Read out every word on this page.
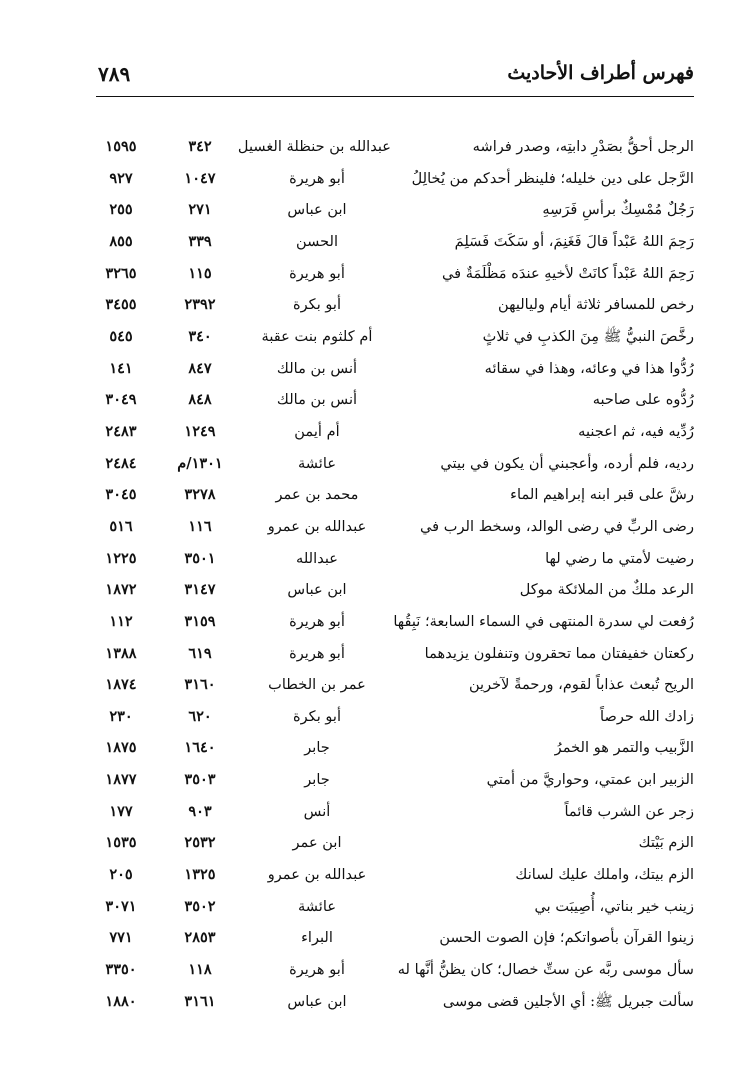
فهرس أطراف الأحاديث
٧٨٩
الرجل أحقُّ بصَدْرِ دابتِه، وصدر فراشه
عبدالله بن حنظلة الغسيل
٣٤٢
١٥٩٥
الرَّجل على دين خليله؛ فلينظر أحدكم من يُخالِلُ
أبو هريرة
١٠٤٧
٩٢٧
رَجُلٌ مُمْسِكٌ برأسِ فَرَسِهِ
ابن عباس
٢٧١
٢٥٥
رَحِمَ اللهُ عَبْداً قالَ فَغَنِمَ، أو سَكَتَ فَسَلِمَ
الحسن
٣٣٩
٨٥٥
رَحِمَ اللهُ عَبْداً كانَتْ لأخيهِ عندَه مَظْلَمَةٌ في
أبو هريرة
١١٥
٣٢٦٥
رخص للمسافر ثلاثة أيام ولياليهن
أبو بكرة
٢٣٩٢
٣٤٥٥
رخَّصَ النبيُّ ﷺ مِنَ الكذبِ في ثلاثٍ
أم كلثوم بنت عقبة
٣٤٠
٥٤٥
رُدُّوا هذا في وعائه، وهذا في سقائه
أنس بن مالك
٨٤٧
١٤١
رُدُّوه على صاحبه
أنس بن مالك
٨٤٨
٣٠٤٩
رُدِّيه فيه، ثم اعجنيه
أم أيمن
١٢٤٩
٢٤٨٣
رديه، فلم أرده، وأعجبني أن يكون في بيتي
عائشة
١٣٠١/م
٢٤٨٤
رشَّ على قبر ابنه إبراهيم الماء
محمد بن عمر
٣٢٧٨
٣٠٤٥
رضى الربِّ في رضى الوالد، وسخط الرب في
عبدالله بن عمرو
١١٦
٥١٦
رضيت لأمتي ما رضي لها
عبدالله
٣٥٠١
١٢٢٥
الرعد ملكٌ من الملائكة موكل
ابن عباس
٣١٤٧
١٨٧٢
رُفعت لي سدرة المنتهى في السماء السابعة؛ نَبِقُها
أبو هريرة
٣١٥٩
١١٢
ركعتان خفيفتان مما تحقرون وتنفلون يزيدهما
أبو هريرة
٦١٩
١٣٨٨
الريح تُبعث عذاباً لقوم، ورحمةً لآخرين
عمر بن الخطاب
٣١٦٠
١٨٧٤
زادك الله حرصاً
أبو بكرة
٦٢٠
٢٣٠
الزَّبيب والتمر هو الخمرُ
جابر
١٦٤٠
١٨٧٥
الزبير ابن عمتي، وحواريَّ من أمتي
جابر
٣٥٠٣
١٨٧٧
زجر عن الشرب قائماً
أنس
٩٠٣
١٧٧
الزم بَيْتك
ابن عمر
٢٥٣٢
١٥٣٥
الزم بيتك، واملك عليك لسانك
عبدالله بن عمرو
١٣٢٥
٢٠٥
زينب خير بناتي، أُصِيبَت بي
عائشة
٣٥٠٢
٣٠٧١
زينوا القرآن بأصواتكم؛ فإن الصوت الحسن
البراء
٢٨٥٣
٧٧١
سأل موسى ربَّه عن ستِّ خصال؛ كان يظنُّ أنَّها له
أبو هريرة
١١٨
٣٣٥٠
سألت جبريل ﷺ: أي الأجلين قضى موسى
ابن عباس
٣١٦١
١٨٨٠
